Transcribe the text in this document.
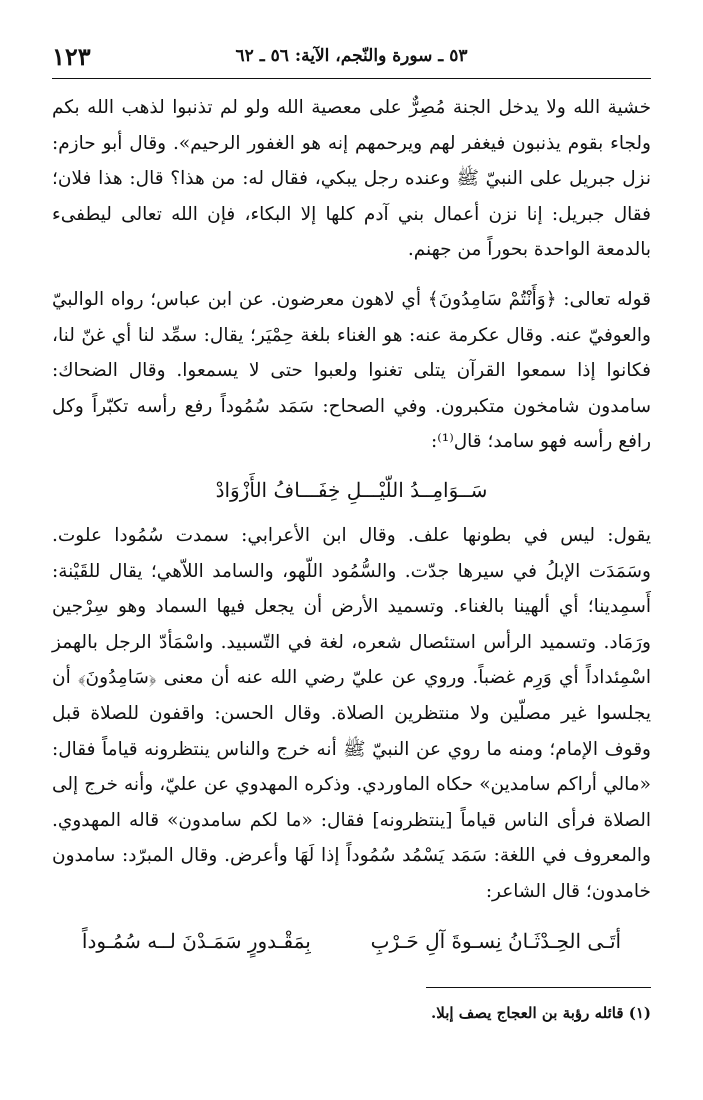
٥٣ ـ سورة والنّجم، الآية: ٥٦ ـ ٦٢
١٢٣

خشية الله ولا يدخل الجنة مُصِرٌّ على معصية الله ولو لم تذنبوا لذهب الله بكم ولجاء بقوم يذنبون فيغفر لهم ويرحمهم إنه هو الغفور الرحيم». وقال أبو حازم: نزل جبريل على النبيّ ﷺ وعنده رجل يبكي، فقال له: من هذا؟ قال: هذا فلان؛ فقال جبريل: إنا نزن أعمال بني آدم كلها إلا البكاء، فإن الله تعالى ليطفىء بالدمعة الواحدة بحوراً من جهنم.

قوله تعالى: ﴿وَأَنْتُمْ سَامِدُونَ﴾ أي لاهون معرضون. عن ابن عباس؛ رواه الوالبيّ والعوفيّ عنه. وقال عكرمة عنه: هو الغناء بلغة حِمْيَر؛ يقال: سمِّد لنا أي غنّ لنا، فكانوا إذا سمعوا القرآن يتلى تغنوا ولعبوا حتى لا يسمعوا. وقال الضحاك: سامدون شامخون متكبرون. وفي الصحاح: سَمَد سُمُوداً رفع رأسه تكبّراً وكل رافع رأسه فهو سامد؛ قال⁽¹⁾:

سَــوَامِــدُ اللّيْـــلِ خِفَـــافُ الأَزْوَادْ

يقول: ليس في بطونها علف. وقال ابن الأعرابي: سمدت سُمُودا علوت. وسَمَدَت الإبلُ في سيرها جدّت. والسُّمُود اللّهو، والسامد اللاّهي؛ يقال للقَيْنة: أَسمِدينا؛ أي ألهينا بالغناء. وتسميد الأرض أن يجعل فيها السماد وهو سِرْجين ورَمَاد. وتسميد الرأس استئصال شعره، لغة في التّسبيد. واسْمَأدّ الرجل بالهمز اسْمِئداداً أي وَرِم غضباً. وروي عن عليّ رضي الله عنه أن معنى ﴿سَامِدُونَ﴾ أن يجلسوا غير مصلّين ولا منتظرين الصلاة. وقال الحسن: واقفون للصلاة قبل وقوف الإمام؛ ومنه ما روي عن النبيّ ﷺ أنه خرج والناس ينتظرونه قياماً فقال: «مالي أراكم سامدين» حكاه الماوردي. وذكره المهدوي عن عليّ، وأنه خرج إلى الصلاة فرأى الناس قياماً [ينتظرونه] فقال: «ما لكم سامدون» قاله المهدوي. والمعروف في اللغة: سَمَد يَسْمُد سُمُوداً إذا لَهَا وأعرض. وقال المبرّد: سامدون خامدون؛ قال الشاعر:

أتَـى الحِـدْثَـانُ نِسـوةَ آلِ حَـرْبِ
بِمَقْـدورٍ سَمَـدْنَ لــه سُمُـوداً
(١) قائله رؤبة بن العجاج يصف إبلا.
